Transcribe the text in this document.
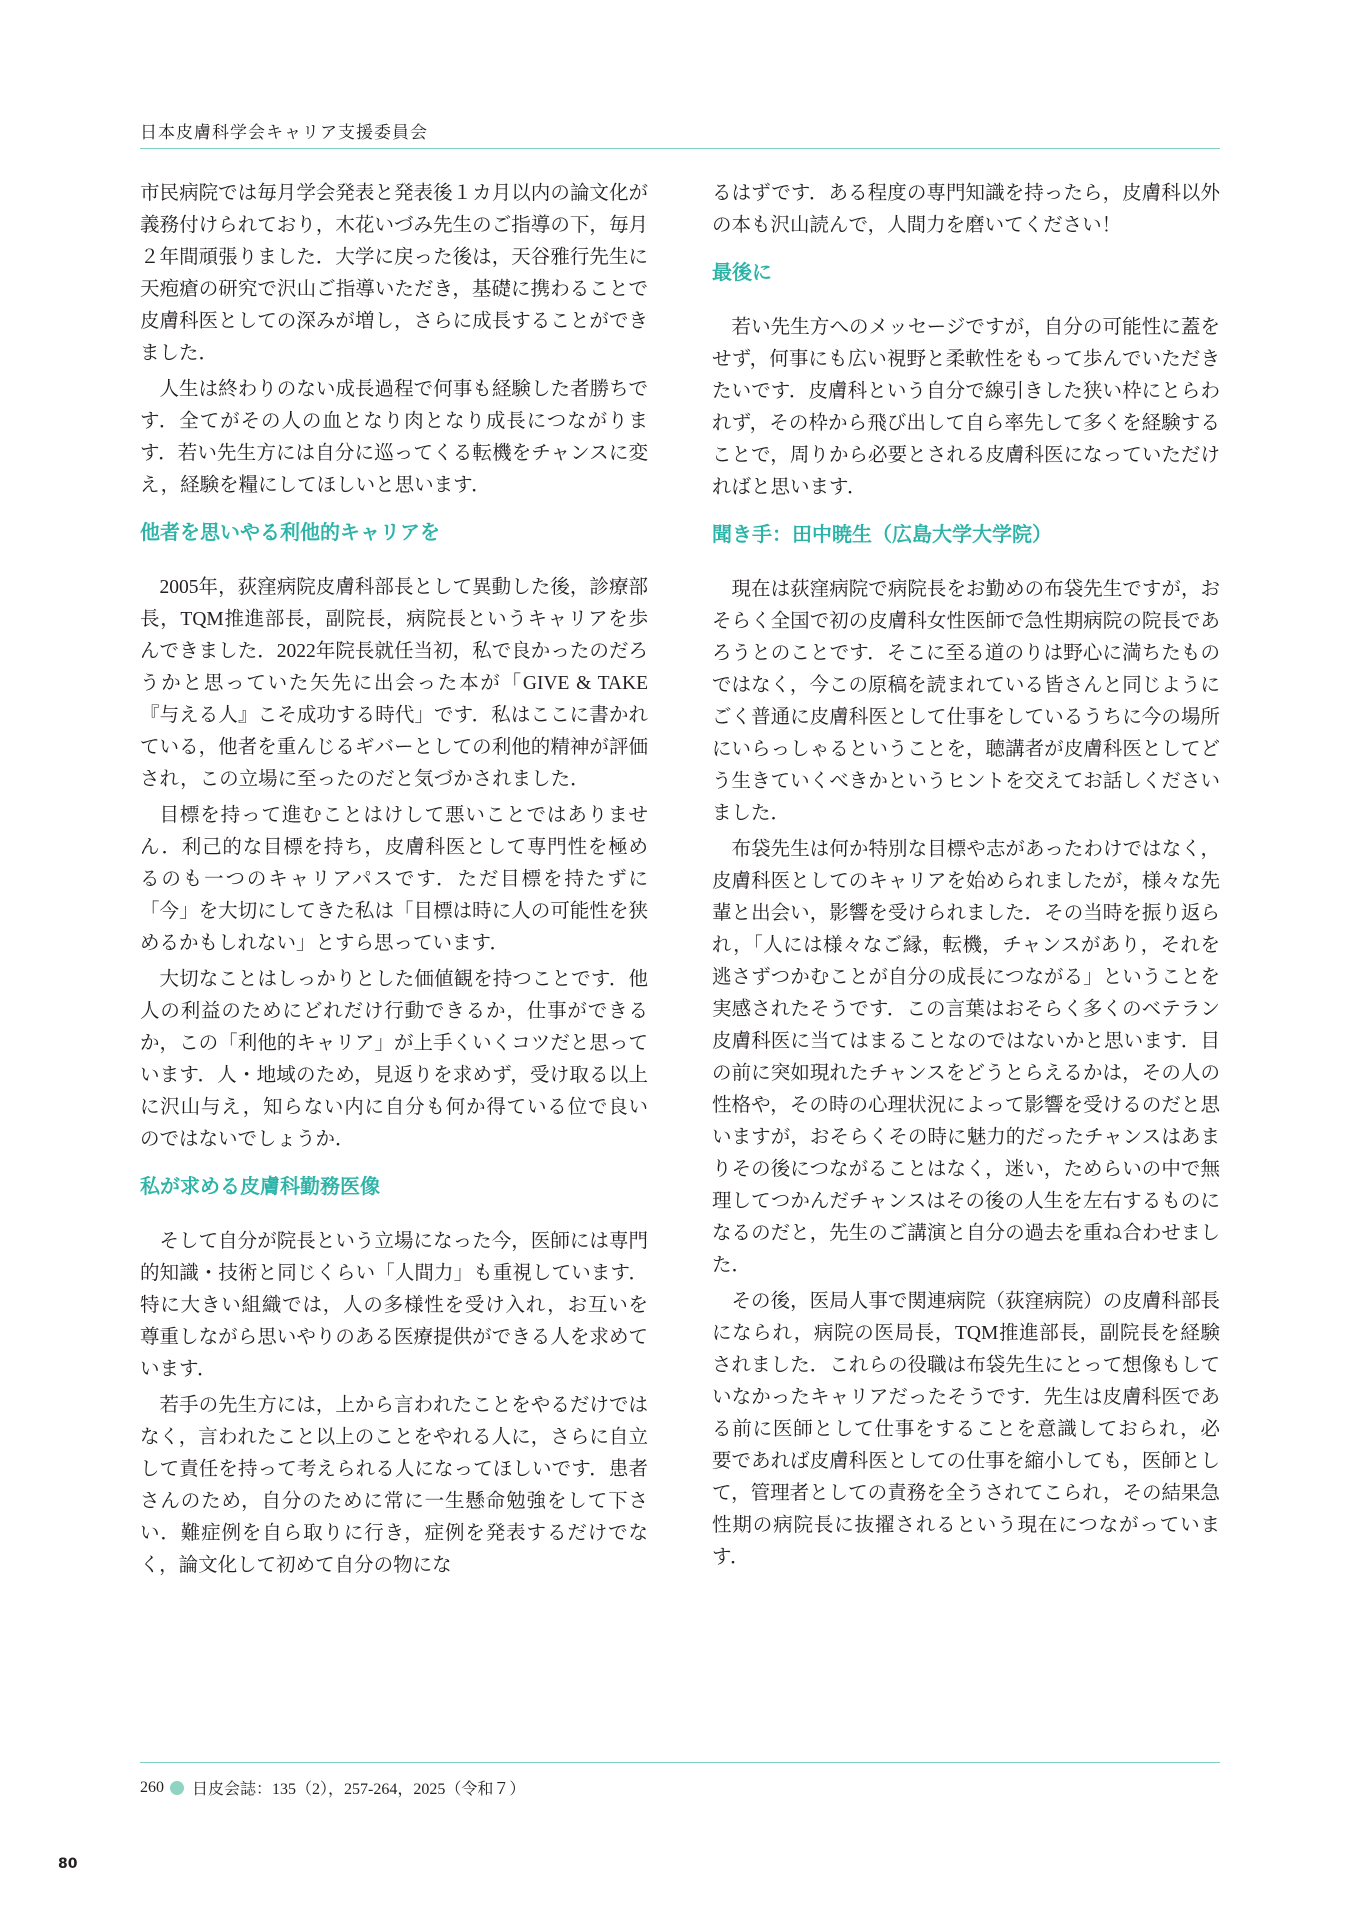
日本皮膚科学会キャリア支援委員会

市民病院では毎月学会発表と発表後１カ月以内の論文化が義務付けられており，木花いづみ先生のご指導の下，毎月２年間頑張りました．大学に戻った後は，天谷雅行先生に天疱瘡の研究で沢山ご指導いただき，基礎に携わることで皮膚科医としての深みが増し，さらに成長することができました．

人生は終わりのない成長過程で何事も経験した者勝ちです．全てがその人の血となり肉となり成長につながります．若い先生方には自分に巡ってくる転機をチャンスに変え，経験を糧にしてほしいと思います．

他者を思いやる利他的キャリアを

2005年，荻窪病院皮膚科部長として異動した後，診療部長，TQM推進部長，副院長，病院長というキャリアを歩んできました．2022年院長就任当初，私で良かったのだろうかと思っていた矢先に出会った本が「GIVE & TAKE『与える人』こそ成功する時代」です．私はここに書かれている，他者を重んじるギバーとしての利他的精神が評価され，この立場に至ったのだと気づかされました．

目標を持って進むことはけして悪いことではありません．利己的な目標を持ち，皮膚科医として専門性を極めるのも一つのキャリアパスです．ただ目標を持たずに「今」を大切にしてきた私は「目標は時に人の可能性を狭めるかもしれない」とすら思っています．

大切なことはしっかりとした価値観を持つことです．他人の利益のためにどれだけ行動できるか，仕事ができるか，この「利他的キャリア」が上手くいくコツだと思っています．人・地域のため，見返りを求めず，受け取る以上に沢山与え，知らない内に自分も何か得ている位で良いのではないでしょうか．

私が求める皮膚科勤務医像

そして自分が院長という立場になった今，医師には専門的知識・技術と同じくらい「人間力」も重視しています．特に大きい組織では，人の多様性を受け入れ，お互いを尊重しながら思いやりのある医療提供ができる人を求めています．

若手の先生方には，上から言われたことをやるだけではなく，言われたこと以上のことをやれる人に，さらに自立して責任を持って考えられる人になってほしいです．患者さんのため，自分のために常に一生懸命勉強をして下さい．難症例を自ら取りに行き，症例を発表するだけでなく，論文化して初めて自分の物にな

るはずです．ある程度の専門知識を持ったら，皮膚科以外の本も沢山読んで，人間力を磨いてください！

最後に

若い先生方へのメッセージですが，自分の可能性に蓋をせず，何事にも広い視野と柔軟性をもって歩んでいただきたいです．皮膚科という自分で線引きした狭い枠にとらわれず，その枠から飛び出して自ら率先して多くを経験することで，周りから必要とされる皮膚科医になっていただければと思います．

聞き手：田中暁生（広島大学大学院）

現在は荻窪病院で病院長をお勤めの布袋先生ですが，おそらく全国で初の皮膚科女性医師で急性期病院の院長であろうとのことです．そこに至る道のりは野心に満ちたものではなく，今この原稿を読まれている皆さんと同じようにごく普通に皮膚科医として仕事をしているうちに今の場所にいらっしゃるということを，聴講者が皮膚科医としてどう生きていくべきかというヒントを交えてお話しくださいました．

布袋先生は何か特別な目標や志があったわけではなく，皮膚科医としてのキャリアを始められましたが，様々な先輩と出会い，影響を受けられました．その当時を振り返られ，「人には様々なご縁，転機，チャンスがあり，それを逃さずつかむことが自分の成長につながる」ということを実感されたそうです．この言葉はおそらく多くのベテラン皮膚科医に当てはまることなのではないかと思います．目の前に突如現れたチャンスをどうとらえるかは，その人の性格や，その時の心理状況によって影響を受けるのだと思いますが，おそらくその時に魅力的だったチャンスはあまりその後につながることはなく，迷い，ためらいの中で無理してつかんだチャンスはその後の人生を左右するものになるのだと，先生のご講演と自分の過去を重ね合わせました．

その後，医局人事で関連病院（荻窪病院）の皮膚科部長になられ，病院の医局長，TQM推進部長，副院長を経験されました．これらの役職は布袋先生にとって想像もしていなかったキャリアだったそうです．先生は皮膚科医である前に医師として仕事をすることを意識しておられ，必要であれば皮膚科医としての仕事を縮小しても，医師として，管理者としての責務を全うされてこられ，その結果急性期の病院長に抜擢されるという現在につながっています．

260 日皮会誌：135（2），257-264，2025（令和７）
80
